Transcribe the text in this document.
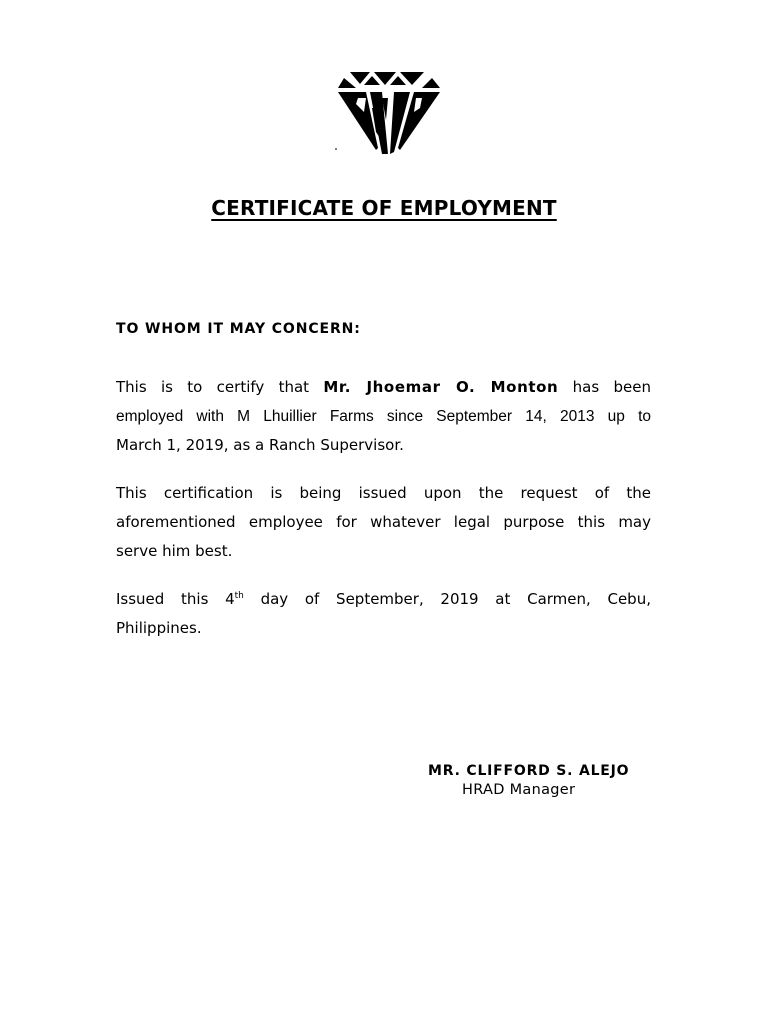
CERTIFICATE OF EMPLOYMENT
TO WHOM IT MAY CONCERN:
This is to certify that Mr. Jhoemar O. Monton has been
employed with M Lhuillier Farms since September 14, 2013 up to
March 1, 2019, as a Ranch Supervisor.
This certification is being issued upon the request of the
aforementioned employee for whatever legal purpose this may
serve him best.
Issued this 4th day of September, 2019 at Carmen, Cebu,
Philippines.
MR. CLIFFORD S. ALEJO
HRAD Manager
